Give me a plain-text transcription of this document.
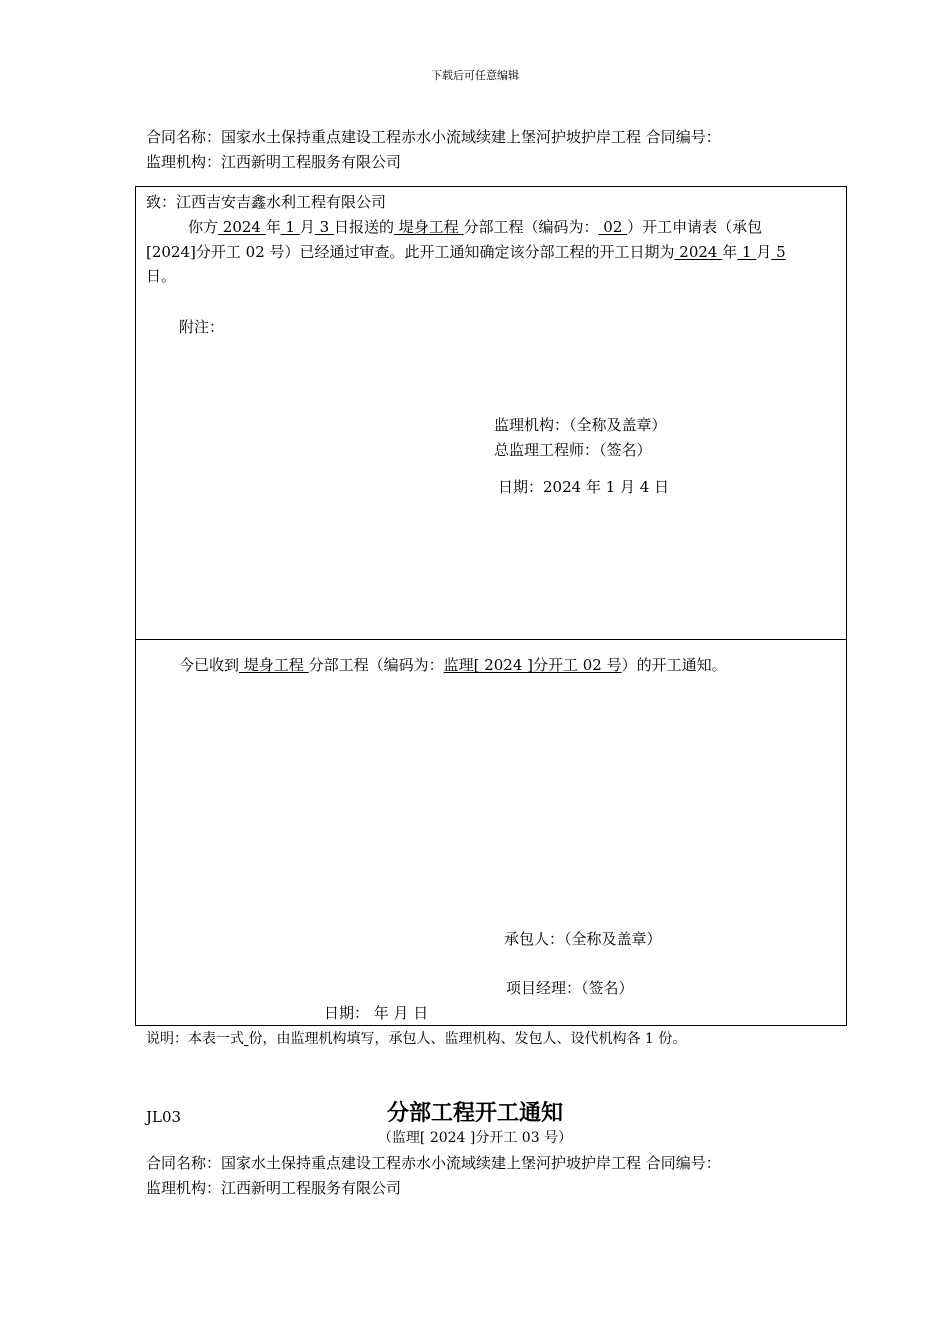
下载后可任意编辑
合同名称：国家水土保持重点建设工程赤水小流域续建上堡河护坡护岸工程 合同编号：
监理机构：江西新明工程服务有限公司
致：江西吉安吉鑫水利工程有限公司
你方 2024 年 1 月 3 日报送的 堤身工程 分部工程（编码为： 02 ）开工申请表（承包
[2024]分开工 02 号）已经通过审查。此开工通知确定该分部工程的开工日期为 2024 年 1 月 5
日。
附注：
监理机构：（全称及盖章）
总监理工程师：（签名）
日期：2024 年 1 月 4 日
今已收到 堤身工程 分部工程（编码为：监理[ 2024 ]分开工 02 号）的开工通知。
承包人：（全称及盖章）
项目经理：（签名）
日期： 年 月 日
说明：本表一式 份，由监理机构填写，承包人、监理机构、发包人、设代机构各 1 份。
JL03	分部工程开工通知
（监理[ 2024 ]分开工 03 号）
合同名称：国家水土保持重点建设工程赤水小流域续建上堡河护坡护岸工程 合同编号：
监理机构：江西新明工程服务有限公司
